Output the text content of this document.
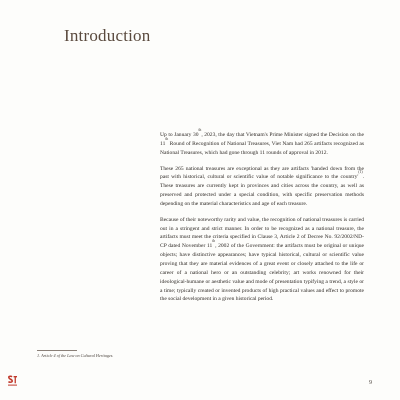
Introduction

Up to January 30th, 2023, the day that Vietnam's Prime Minister signed the Decision on the 11th Round of Recognition of National Treasures, Viet Nam had 265 artifacts recognized as National Treasures, which had gone through 11 rounds of approval in 2012.

These 265 national treasures are exceptional as they are artifacts 'handed down from the past with historical, cultural or scientific value of notable significance to the $country'^{(1)}$. These treasures are currently kept in provinces and cities across the country, as well as preserved and protected under a special condition, with specific preservation methods depending on the material characteristics and age of each treasure.

Because of their noteworthy rarity and value, the recognition of national treasures is carried out in a stringent and strict manner. In order to be recognized as a national treasure, the artifacts must meet the criteria specified in Clause 3, Article 2 of Decree No. 92/2002/ND-CP dated November 11th, 2002 of the Government: the artifacts must be original or unique objects; have distinctive appearances; have typical historical, cultural or scientific value proving that they are material evidences of a great event or closely attached to the life or career of a national hero or an outstanding celebrity; art works renowned for their ideological-humane or aesthetic value and mode of presentation typifying a trend, a style or a time; typically created or invented products of high practical values and effect to promote the social development in a given historical period.

1. Article 4 of the Law on Cultural Heritages.
9
